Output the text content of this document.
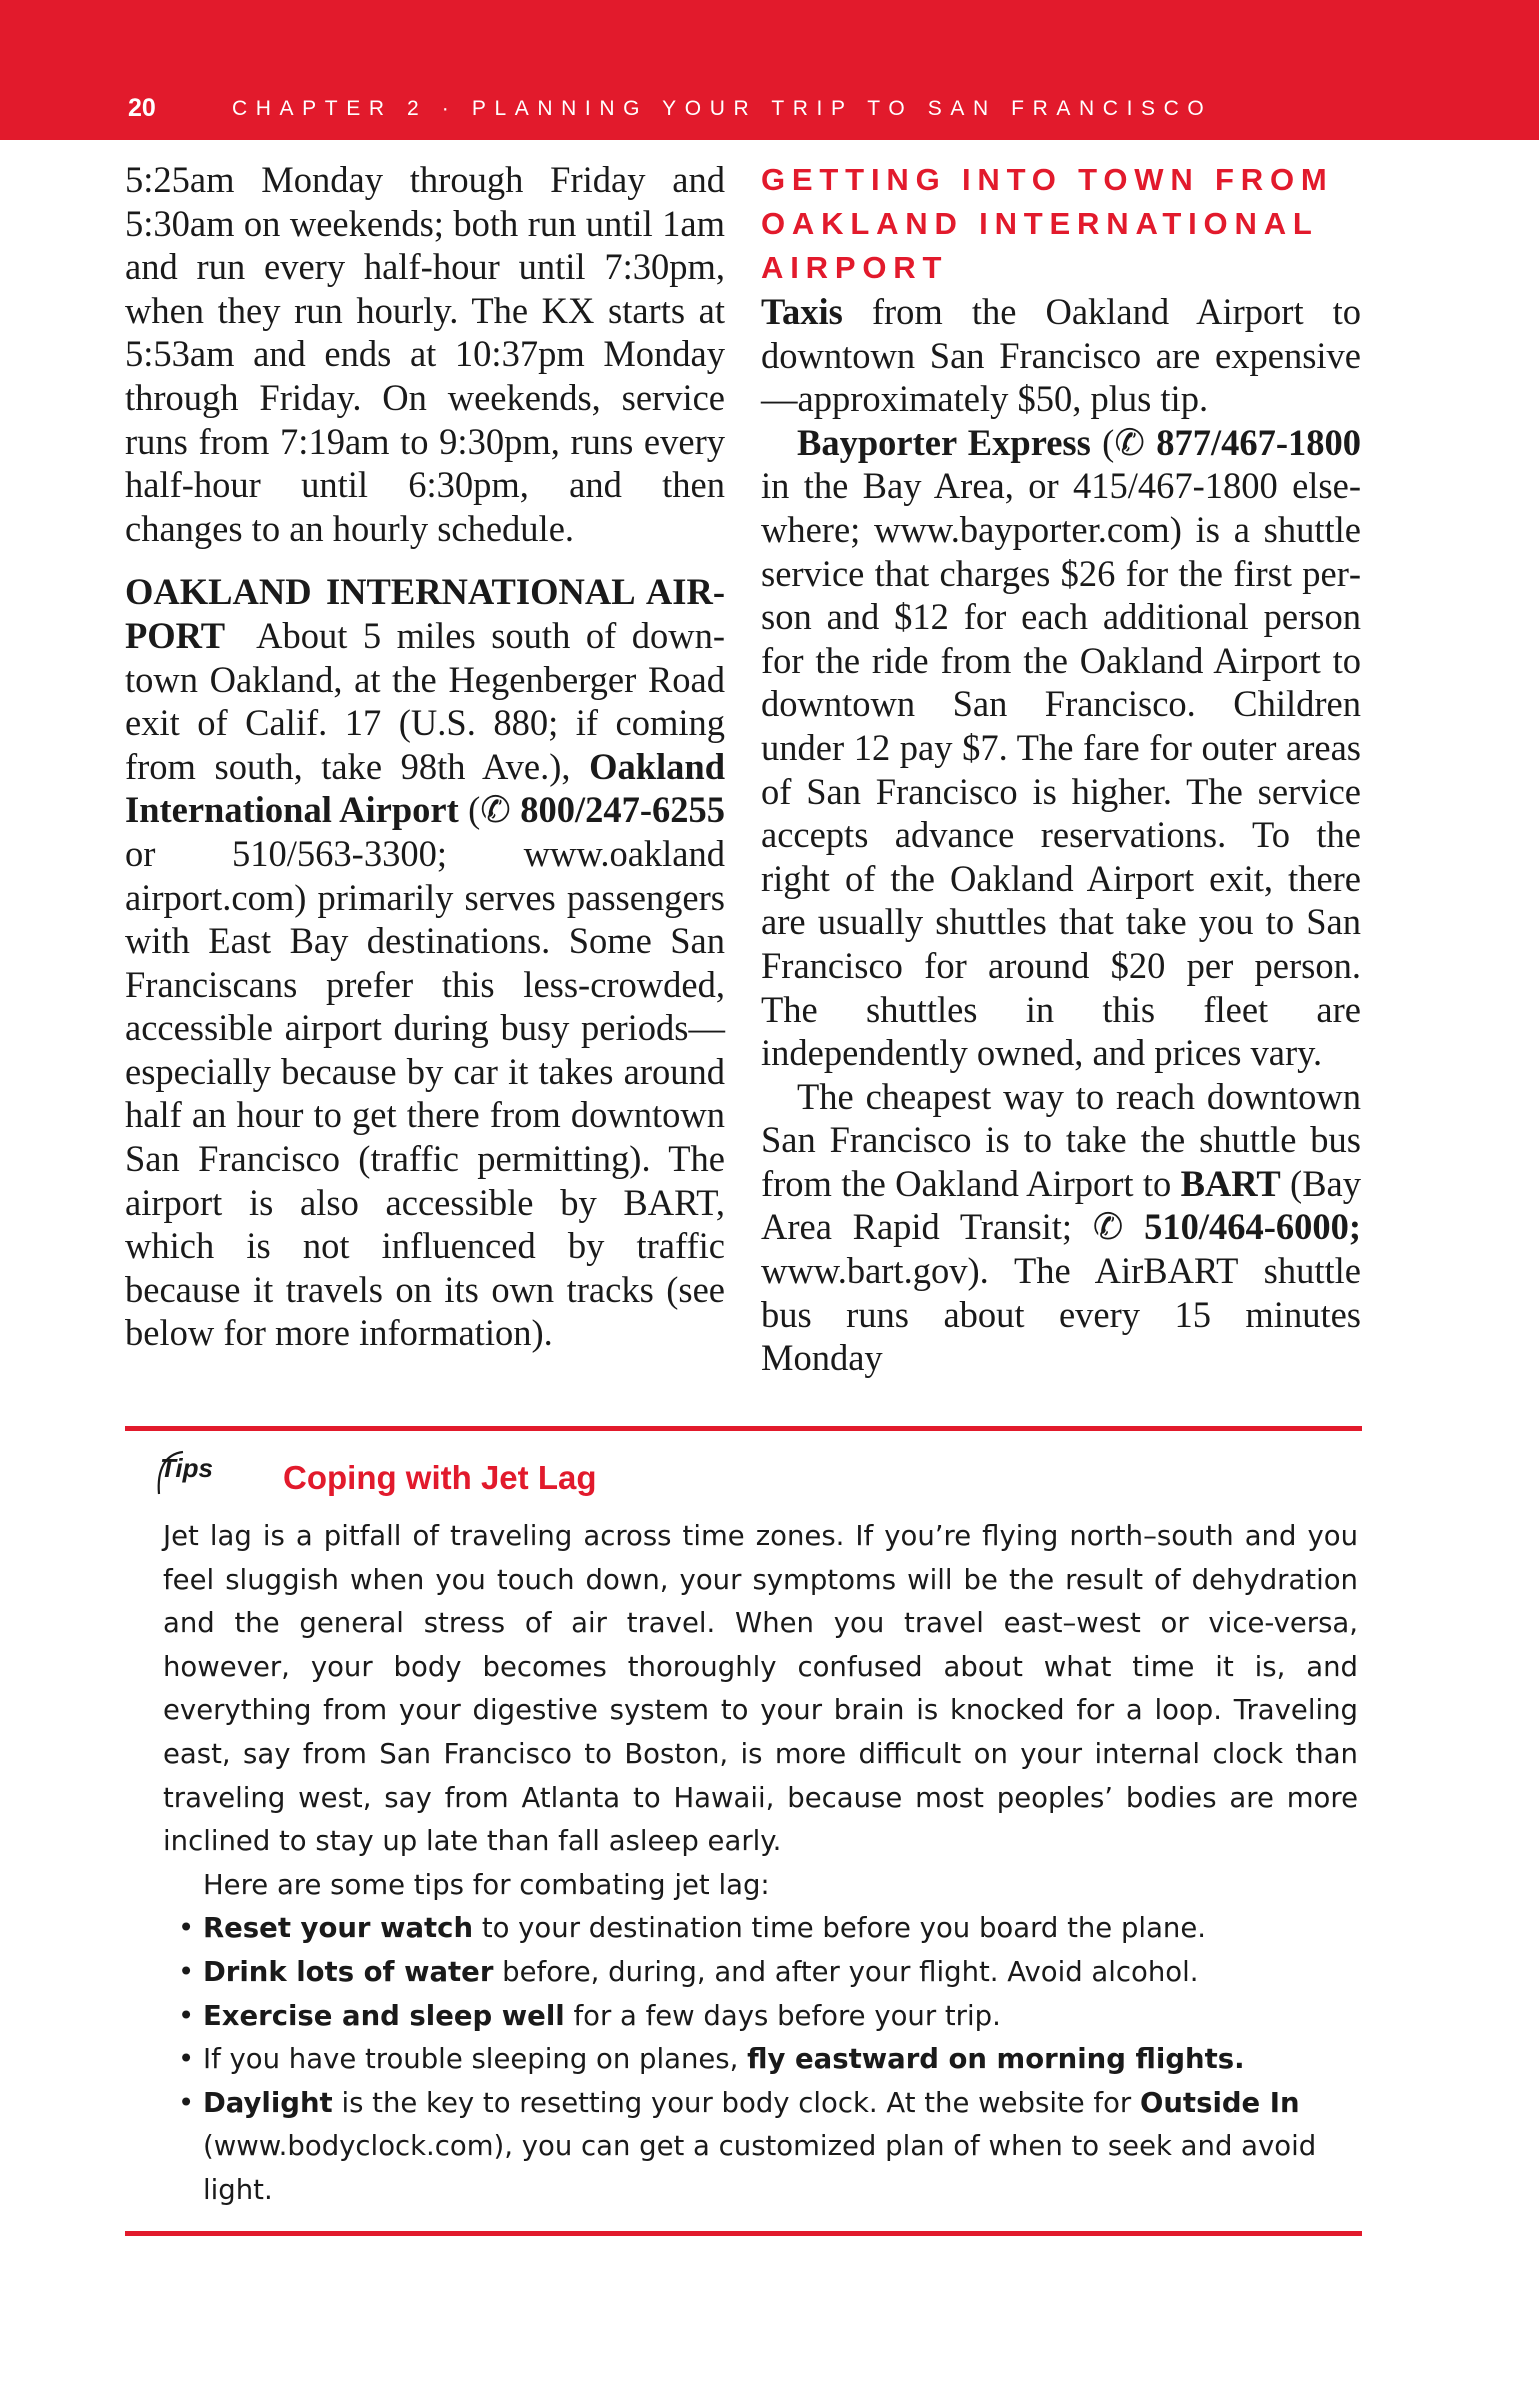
20	CHAPTER 2 · PLANNING YOUR TRIP TO SAN FRANCISCO

5:25am Monday through Friday and 5:30am on weekends; both run until 1am and run every half-hour until 7:30pm, when they run hourly. The KX starts at 5:53am and ends at 10:37pm Monday through Friday. On weekends, service runs from 7:19am to 9:30pm, runs every half-hour until 6:30pm, and then changes to an hourly schedule.

OAKLAND INTERNATIONAL AIRPORT About 5 miles south of downtown Oakland, at the Hegenberger Road exit of Calif. 17 (U.S. 880; if coming from south, take 98th Ave.), Oakland International Airport (✆ 800/247-6255 or 510/563-3300; www.oakland airport.com) primarily serves passengers with East Bay destinations. Some San Franciscans prefer this less-crowded, accessible airport during busy periods—especially because by car it takes around half an hour to get there from downtown San Francisco (traffic permitting). The airport is also accessible by BART, which is not influenced by traffic because it travels on its own tracks (see below for more information).

GETTING INTO TOWN FROM OAKLAND INTERNATIONAL AIRPORT

Taxis from the Oakland Airport to downtown San Francisco are expensive—approximately $50, plus tip.

Bayporter Express (✆ 877/467-1800 in the Bay Area, or 415/467-1800 elsewhere; www.bayporter.com) is a shuttle service that charges $26 for the first person and $12 for each additional person for the ride from the Oakland Airport to downtown San Francisco. Children under 12 pay $7. The fare for outer areas of San Francisco is higher. The service accepts advance reservations. To the right of the Oakland Airport exit, there are usually shuttles that take you to San Francisco for around $20 per person. The shuttles in this fleet are independently owned, and prices vary.

The cheapest way to reach downtown San Francisco is to take the shuttle bus from the Oakland Airport to BART (Bay Area Rapid Transit; ✆ 510/464-6000; www.bart.gov). The AirBART shuttle bus runs about every 15 minutes Monday

Tips Coping with Jet Lag

Jet lag is a pitfall of traveling across time zones. If you’re flying north–south and you feel sluggish when you touch down, your symptoms will be the result of dehydration and the general stress of air travel. When you travel east–west or vice-versa, however, your body becomes thoroughly confused about what time it is, and everything from your digestive system to your brain is knocked for a loop. Traveling east, say from San Francisco to Boston, is more difficult on your internal clock than traveling west, say from Atlanta to Hawaii, because most peoples’ bodies are more inclined to stay up late than fall asleep early.

Here are some tips for combating jet lag:

• Reset your watch to your destination time before you board the plane.
• Drink lots of water before, during, and after your flight. Avoid alcohol.
• Exercise and sleep well for a few days before your trip.
• If you have trouble sleeping on planes, fly eastward on morning flights.
• Daylight is the key to resetting your body clock. At the website for Outside In (www.bodyclock.com), you can get a customized plan of when to seek and avoid light.
